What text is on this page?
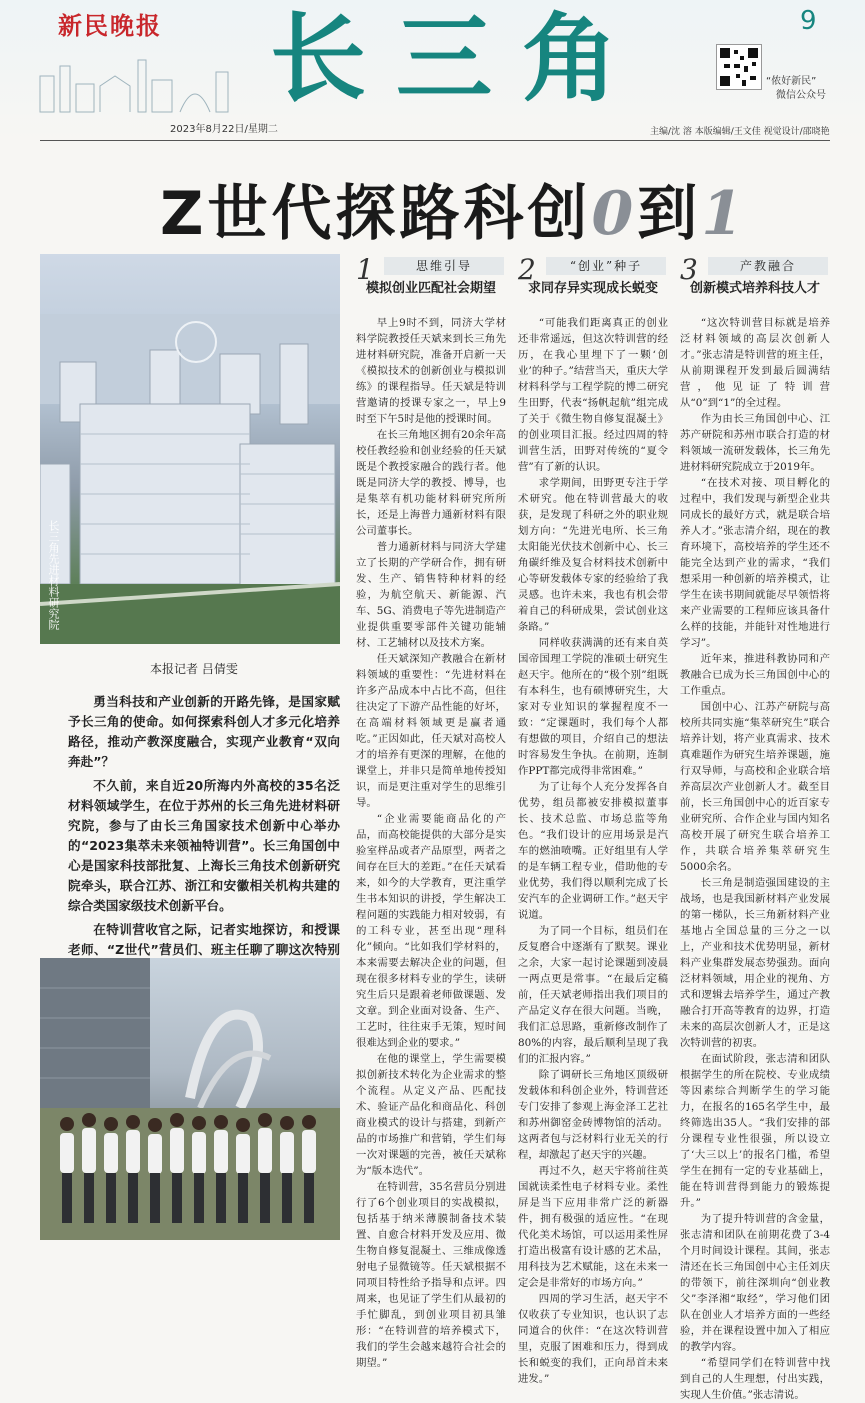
新民晚报 长三角	9
2023年8月22日/星期二
“侬好新民”
微信公众号
主编/沈 溶 本版编辑/王文佳 视觉设计/邵晓艳
Z世代探路科创0到1
长三角先进材料研究院
本报记者 吕倩雯

勇当科技和产业创新的开路先锋，是国家赋予长三角的使命。如何探索科创人才多元化培养路径，推动产教深度融合，实现产业教育“双向奔赴”？

不久前，来自近20所海内外高校的35名泛材料领域学生，在位于苏州的长三角先进材料研究院，参与了由长三角国家技术创新中心举办的“2023集萃未来领袖特训营”。长三角国创中心是国家科技部批复、上海长三角技术创新研究院牵头，联合江苏、浙江和安徽相关机构共建的综合类国家级技术创新平台。

在特训营收官之际，记者实地探访，和授课老师、“Z世代”营员们、班主任聊了聊这次特别

1	思维引导
模拟创业匹配社会期望

早上9时不到，同济大学材料学院教授任天斌来到长三角先进材料研究院，准备开启新一天《模拟技术的创新创业与模拟训练》的课程指导。任天斌是特训营邀请的授课专家之一，早上9时至下午5时是他的授课时间。

在长三角地区拥有20余年高校任教经验和创业经验的任天斌既是个教授家融合的践行者。他既是同济大学的教授、博导，也是集萃有机功能材料研究所所长，还是上海普力通新材料有限公司董事长。

普力通新材料与同济大学建立了长期的产学研合作，拥有研发、生产、销售特种材料的经验，为航空航天、新能源、汽车、5G、消费电子等先进制造产业提供重要零部件关键功能辅材、工艺辅材以及技术方案。

任天斌深知产教融合在新材料领域的重要性：“先进材料在许多产品成本中占比不高，但往往决定了下游产品性能的好坏，在高端材料领域更是赢者通吃。”正因如此，任天斌对高校人才的培养有更深的理解，在他的课堂上，并非只是简单地传授知识，而是更注重对学生的思维引导。

“企业需要能商品化的产品，而高校能提供的大部分是实验室样品或者产品原型，两者之间存在巨大的差距。”在任天斌看来，如今的大学教育，更注重学生书本知识的讲授，学生解决工程问题的实践能力相对较弱，有的工科专业，甚至出现“理科化”倾向。“比如我们学材料的，本来需要去解决企业的问题，但现在很多材料专业的学生，读研究生后只是跟着老师做课题、发文章。到企业面对设备、生产、工艺时，往往束手无策，短时间很难达到企业的要求。”

在他的课堂上，学生需要模拟创新技术转化为企业需求的整个流程。从定义产品、匹配技术、验证产品化和商品化、科创商业模式的设计与搭建，到新产品的市场推广和营销，学生们每一次对课题的完善，被任天斌称为“版本迭代”。

在特训营，35名营员分别进行了6个创业项目的实战模拟，包括基于纳米薄膜制备技术装置、自愈合材料开发及应用、微生物自修复混凝土、三维成像透射电子显微镜等。任天斌根据不同项目特性给予指导和点评。四周来，也见证了学生们从最初的手忙脚乱，到创业项目初具雏形：“在特训营的培养模式下，我们的学生会越来越符合社会的期望。”

2	“创业”种子
求同存异实现成长蜕变

“可能我们距离真正的创业还非常遥远，但这次特训营的经历，在我心里埋下了一颗‘创业’的种子。”结营当天，重庆大学材料科学与工程学院的博二研究生田野，代表“扬帆起航”组完成了关于《微生物自修复混凝土》的创业项目汇报。经过四周的特训营生活，田野对传统的“夏令营”有了新的认识。

求学期间，田野更专注于学术研究。他在特训营最大的收获，是发现了科研之外的职业规划方向：“先进光电所、长三角太阳能光伏技术创新中心、长三角碳纤维及复合材料技术创新中心等研发载体专家的经验给了我灵感。也许未来，我也有机会带着自己的科研成果，尝试创业这条路。”

同样收获满满的还有来自英国帝国理工学院的准硕士研究生赵天宇。他所在的“极个别”组既有本科生，也有硕博研究生，大家对专业知识的掌握程度不一致：“定课题时，我们每个人都有想做的项目，介绍自己的想法时容易发生争执。在前期，连制作PPT都完成得非常困难。”

为了让每个人充分发挥各自优势，组员都被安排模拟董事长、技术总监、市场总监等角色。“我们设计的应用场景是汽车的燃油喷嘴。正好组里有人学的是车辆工程专业，借助他的专业优势，我们得以顺利完成了长安汽车的企业调研工作。”赵天宇说道。

为了同一个目标，组员们在反复磨合中逐渐有了默契。课业之余，大家一起讨论课题到凌晨一两点更是常事。“在最后定稿前，任天斌老师指出我们项目的产品定义存在很大问题。当晚，我们汇总思路，重新修改制作了80%的内容，最后顺利呈现了我们的汇报内容。”

除了调研长三角地区顶级研发载体和科创企业外，特训营还专门安排了参观上海金泽工艺社和苏州御窑金砖博物馆的活动。这两者包与泛材料行业无关的行程，却激起了赵天宇的兴趣。

再过不久，赵天宇将前往英国就读柔性电子材料专业。柔性屏是当下应用非常广泛的新器件，拥有极强的适应性。“在现代化美术场馆，可以运用柔性屏打造出极富有设计感的艺术品，用科技为艺术赋能，这在未来一定会是非常好的市场方向。”

四周的学习生活，赵天宇不仅收获了专业知识，也认识了志同道合的伙伴：“在这次特训营里，克服了困难和压力，得到成长和蜕变的我们，正向昂首未来进发。”

3	产教融合
创新模式培养科技人才

“这次特训营目标就是培养泛材料领域的高层次创新人才。”张志清是特训营的班主任，从前期课程开发到最后圆满结营，他见证了特训营从“0”到“1”的全过程。

作为由长三角国创中心、江苏产研院和苏州市联合打造的材料领域一流研发载体，长三角先进材料研究院成立于2019年。

“在技术对接、项目孵化的过程中，我们发现与新型企业共同成长的最好方式，就是联合培养人才。”张志清介绍，现在的教育环境下，高校培养的学生还不能完全达到产业的需求，“我们想采用一种创新的培养模式，让学生在读书期间就能尽早领悟将来产业需要的工程师应该具备什么样的技能，并能针对性地进行学习”。

近年来，推进科教协同和产教融合已成为长三角国创中心的工作重点。

国创中心、江苏产研院与高校所共同实施“集萃研究生”联合培养计划，将产业真需求、技术真难题作为研究生培养课题，施行双导师，与高校和企业联合培养高层次产业创新人才。截至目前，长三角国创中心的近百家专业研究所、合作企业与国内知名高校开展了研究生联合培养工作，共联合培养集萃研究生5000余名。

长三角是制造强国建设的主战场，也是我国新材料产业发展的第一梯队，长三角新材料产业基地占全国总量的三分之一以上，产业和技术优势明显，新材料产业集群发展态势强劲。面向泛材料领域，用企业的视角、方式和逻辑去培养学生，通过产教融合打开高等教育的边界，打造未来的高层次创新人才，正是这次特训营的初衷。

在面试阶段，张志清和团队根据学生的所在院校、专业成绩等因素综合判断学生的学习能力，在报名的165名学生中，最终筛选出35人。“我们安排的部分课程专业性很强，所以设立了‘大三以上’的报名门槛，希望学生在拥有一定的专业基础上，能在特训营得到能力的锻炼提升。”

为了提升特训营的含金量，张志清和团队在前期花费了3-4个月时间设计课程。其间，张志清还在长三角国创中心主任刘庆的带领下，前往深圳向“创业教父”李泽湘“取经”，学习他们团队在创业人才培养方面的一些经验，并在课程设置中加入了相应的教学内容。

“希望同学们在特训营中找到自己的人生理想，付出实践，实现人生价值。”张志清说。
